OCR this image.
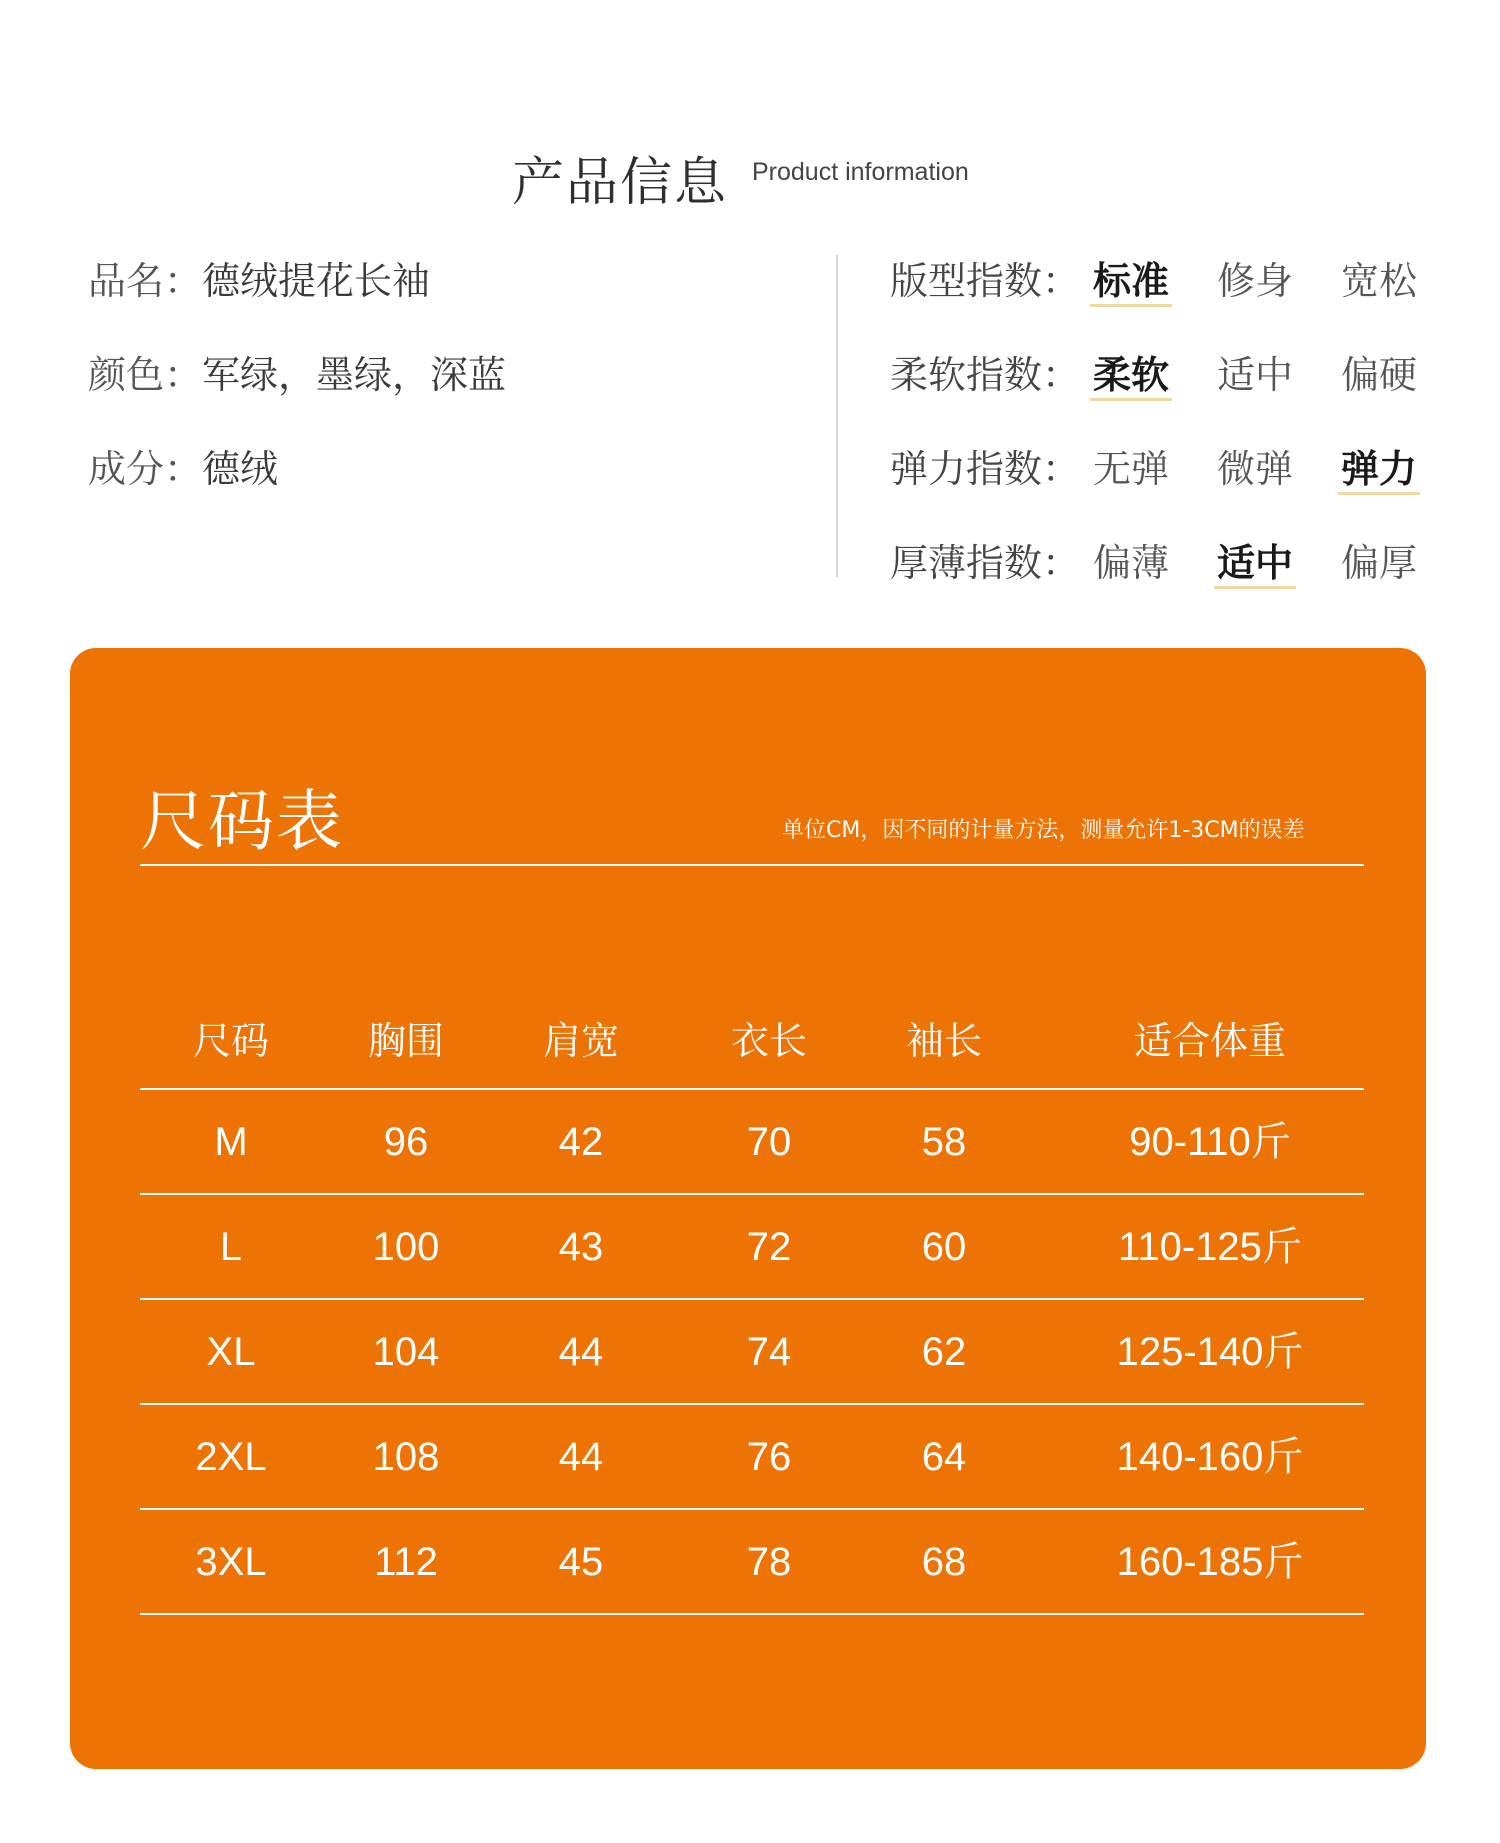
产品信息 Product information
品名：德绒提花长袖
颜色：军绿，墨绿，深蓝
成分：德绒
版型指数： 标准 修身 宽松
柔软指数： 柔软 适中 偏硬
弹力指数： 无弹 微弹 弹力
厚薄指数： 偏薄 适中 偏厚
尺码表	单位CM，因不同的计量方法，测量允许1-3CM的误差
尺码	胸围	肩宽	衣长	袖长	适合体重
M	96	42	70	58	90-110斤
L	100	43	72	60	110-125斤
XL	104	44	74	62	125-140斤
2XL	108	44	76	64	140-160斤
3XL	112	45	78	68	160-185斤
